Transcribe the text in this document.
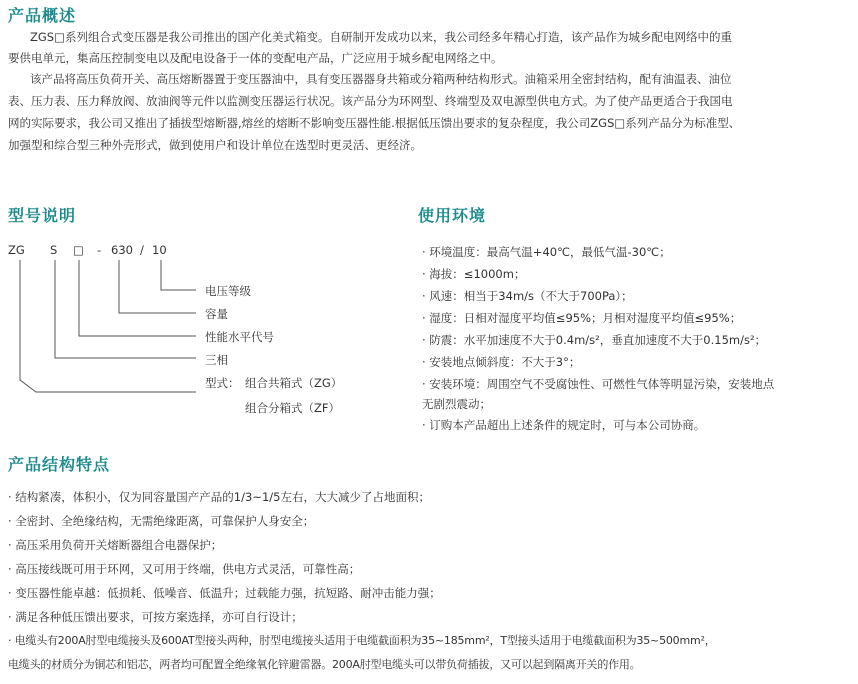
产品概述
ZGS□系列组合式变压器是我公司推出的国产化美式箱变。自研制开发成功以来，我公司经多年精心打造，该产品作为城乡配电网络中的重
要供电单元，集高压控制变电以及配电设备于一体的变配电产品，广泛应用于城乡配电网络之中。
该产品将高压负荷开关、高压熔断器置于变压器油中，具有变压器器身共箱或分箱两种结构形式。油箱采用全密封结构，配有油温表、油位
表、压力表、压力释放阀、放油阀等元件以监测变压器运行状况。该产品分为环网型、终端型及双电源型供电方式。为了使产品更适合于我国电
网的实际要求，我公司又推出了插拔型熔断器,熔丝的熔断不影响变压器性能.根据低压馈出要求的复杂程度，我公司ZGS□系列产品分为标准型、
加强型和综合型三种外壳形式，做到使用户和设计单位在选型时更灵活、更经济。
型号说明
ZG S □ - 630 / 10
电压等级
容量
性能水平代号
三相
型式： 组合共箱式（ZG）
组合分箱式（ZF）
使用环境
· 环境温度：最高气温+40℃，最低气温-30℃；
· 海拔：≤1000m；
· 风速：相当于34m/s（不大于700Pa）；
· 湿度：日相对湿度平均值≤95%；月相对湿度平均值≤95%；
· 防震：水平加速度不大于0.4m/s²，垂直加速度不大于0.15m/s²；
· 安装地点倾斜度：不大于3°；
· 安装环境：周围空气不受腐蚀性、可燃性气体等明显污染，安装地点
无剧烈震动；
· 订购本产品超出上述条件的规定时，可与本公司协商。
产品结构特点
· 结构紧凑，体积小，仅为同容量国产产品的1/3~1/5左右，大大减少了占地面积；
· 全密封、全绝缘结构，无需绝缘距离，可靠保护人身安全；
· 高压采用负荷开关熔断器组合电器保护；
· 高压接线既可用于环网，又可用于终端，供电方式灵活，可靠性高；
· 变压器性能卓越：低损耗、低噪音、低温升；过载能力强，抗短路、耐冲击能力强；
· 满足各种低压馈出要求，可按方案选择，亦可自行设计；
· 电缆头有200A肘型电缆接头及600AT型接头两种，肘型电缆接头适用于电缆截面积为35~185mm²，T型接头适用于电缆截面积为35~500mm²，
电缆头的材质分为铜芯和铝芯，两者均可配置全绝缘氧化锌避雷器。200A肘型电缆头可以带负荷插拔，又可以起到隔离开关的作用。
